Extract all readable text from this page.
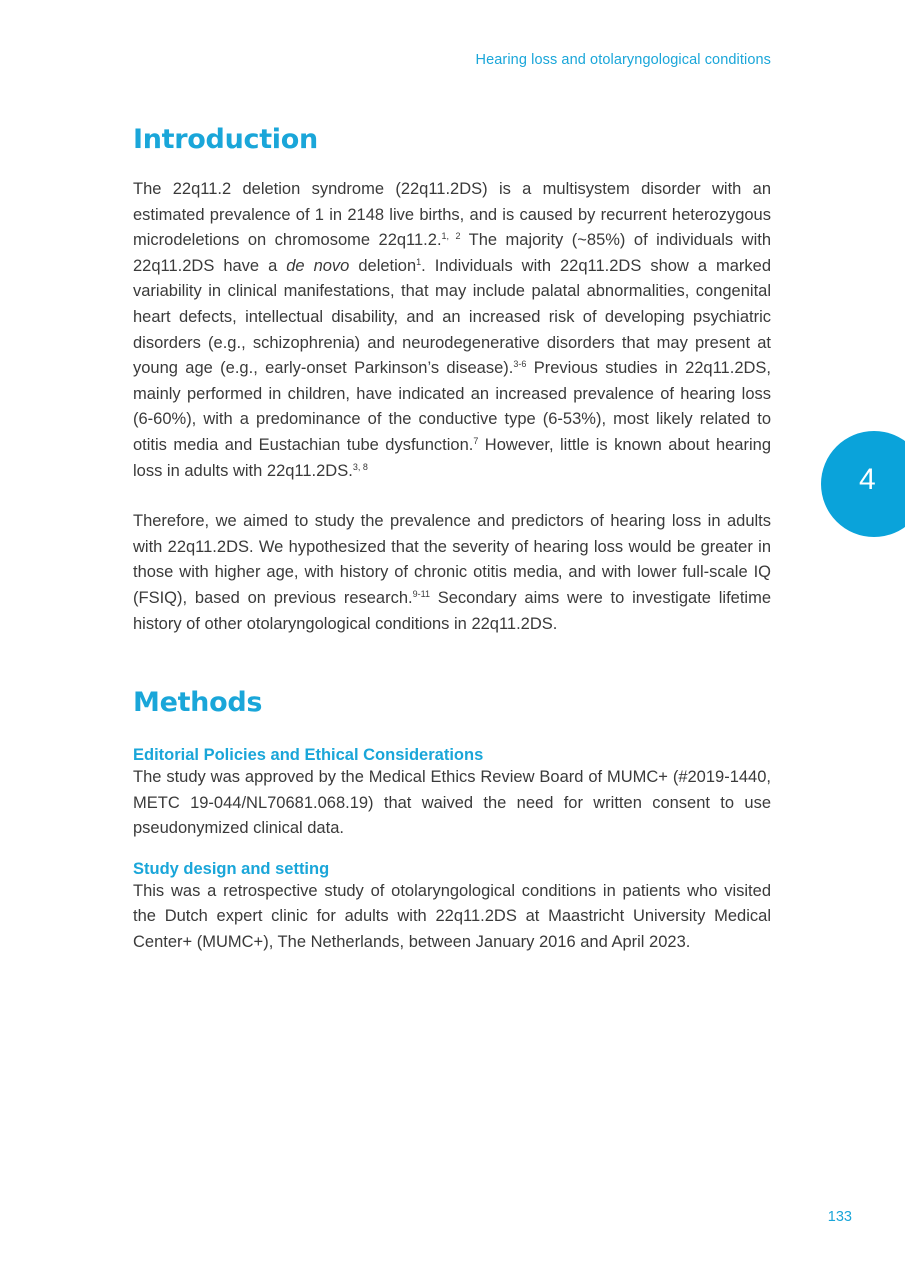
Hearing loss and otolaryngological conditions
4
Introduction

The 22q11.2 deletion syndrome (22q11.2DS) is a multisystem disorder with an estimated prevalence of 1 in 2148 live births, and is caused by recurrent heterozygous microdeletions on chromosome 22q11.2.$^{1, 2}$ The majority (~85%) of individuals with 22q11.2DS have a de novo deletion$^1$. Individuals with 22q11.2DS show a marked variability in clinical manifestations, that may include palatal abnormalities, congenital heart defects, intellectual disability, and an increased risk of developing psychiatric disorders (e.g., schizophrenia) and neurodegenerative disorders that may present at young age (e.g., early-onset Parkinson’s disease).$^{3-6}$ Previous studies in 22q11.2DS, mainly performed in children, have indicated an increased prevalence of hearing loss (6-60%), with a predominance of the conductive type (6-53%), most likely related to otitis media and Eustachian tube dysfunction.$^7$ However, little is known about hearing loss in adults with 22q11.2DS.$^{3, 8}$

Therefore, we aimed to study the prevalence and predictors of hearing loss in adults with 22q11.2DS. We hypothesized that the severity of hearing loss would be greater in those with higher age, with history of chronic otitis media, and with lower full-scale IQ (FSIQ), based on previous research.$^{9-11}$ Secondary aims were to investigate lifetime history of other otolaryngological conditions in 22q11.2DS.

Methods
Editorial Policies and Ethical Considerations

The study was approved by the Medical Ethics Review Board of MUMC+ (#2019-1440, METC 19-044/NL70681.068.19) that waived the need for written consent to use pseudonymized clinical data.

Study design and setting

This was a retrospective study of otolaryngological conditions in patients who visited the Dutch expert clinic for adults with 22q11.2DS at Maastricht University Medical Center+ (MUMC+), The Netherlands, between January 2016 and April 2023.

133
